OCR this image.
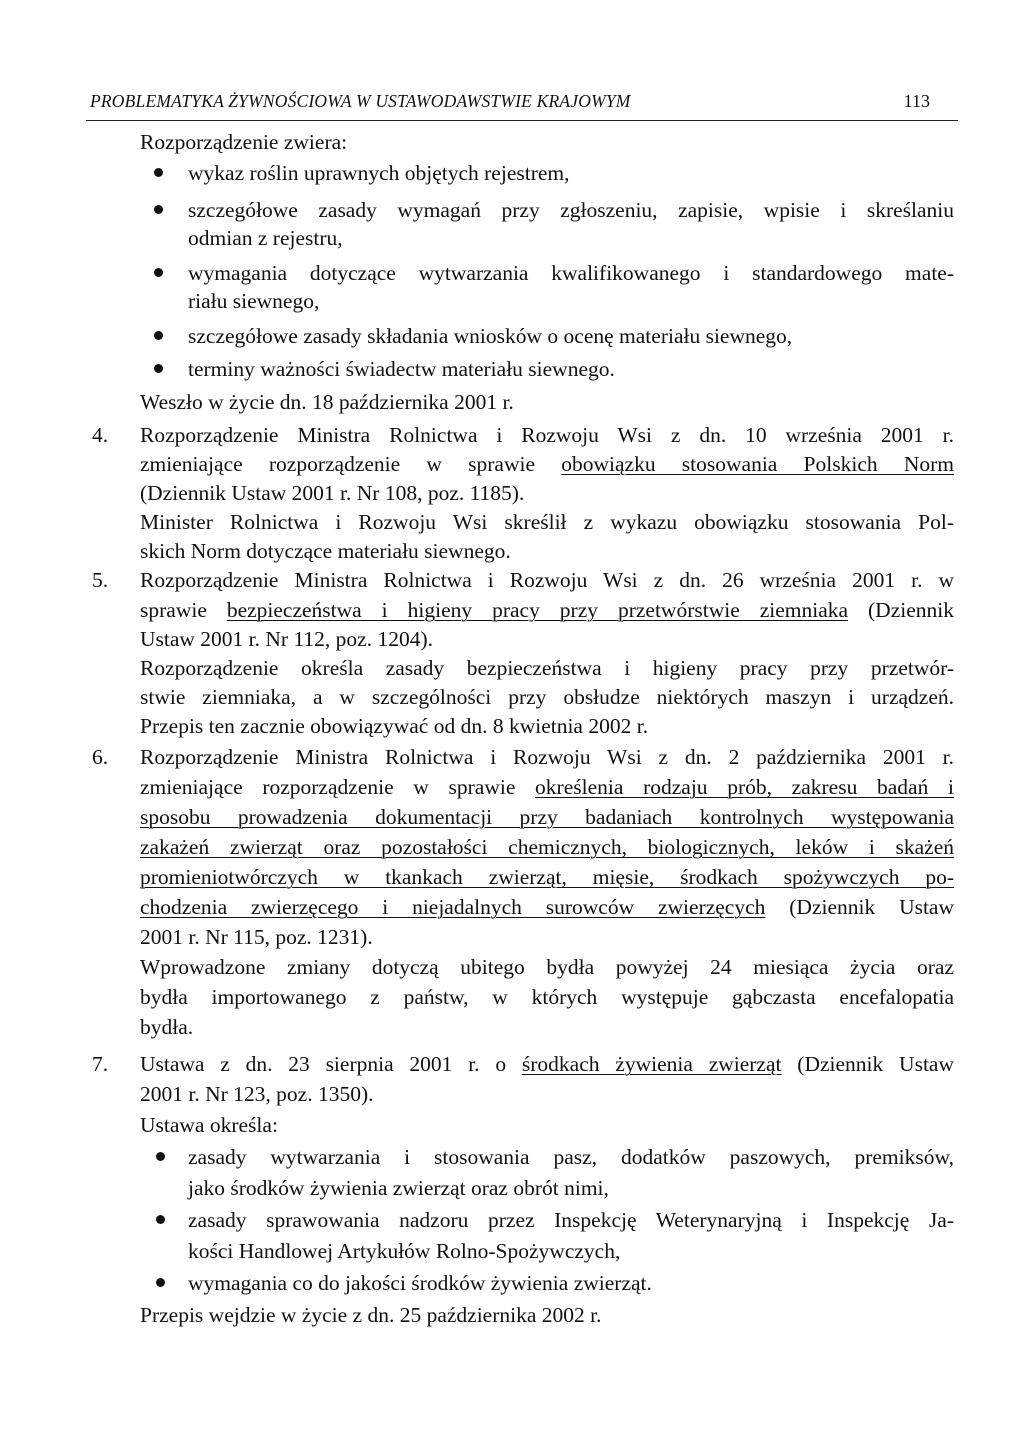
PROBLEMATYKA ŻYWNOŚCIOWA W USTAWODAWSTWIE KRAJOWYM	113
Rozporządzenie zwiera:
wykaz roślin uprawnych objętych rejestrem,
szczegółowe zasady wymagań przy zgłoszeniu, zapisie, wpisie i skreślaniu
odmian z rejestru,
wymagania dotyczące wytwarzania kwalifikowanego i standardowego mate-
riału siewnego,
szczegółowe zasady składania wniosków o ocenę materiału siewnego,
terminy ważności świadectw materiału siewnego.
Weszło w życie dn. 18 października 2001 r.
4. Rozporządzenie Ministra Rolnictwa i Rozwoju Wsi z dn. 10 września 2001 r.
zmieniające rozporządzenie w sprawie obowiązku stosowania Polskich Norm
(Dziennik Ustaw 2001 r. Nr 108, poz. 1185).
Minister Rolnictwa i Rozwoju Wsi skreślił z wykazu obowiązku stosowania Pol-
skich Norm dotyczące materiału siewnego.
5. Rozporządzenie Ministra Rolnictwa i Rozwoju Wsi z dn. 26 września 2001 r. w
sprawie bezpieczeństwa i higieny pracy przy przetwórstwie ziemniaka (Dziennik
Ustaw 2001 r. Nr 112, poz. 1204).
Rozporządzenie określa zasady bezpieczeństwa i higieny pracy przy przetwór-
stwie ziemniaka, a w szczególności przy obsłudze niektórych maszyn i urządzeń.
Przepis ten zacznie obowiązywać od dn. 8 kwietnia 2002 r.
6. Rozporządzenie Ministra Rolnictwa i Rozwoju Wsi z dn. 2 października 2001 r.
zmieniające rozporządzenie w sprawie określenia rodzaju prób, zakresu badań i
sposobu prowadzenia dokumentacji przy badaniach kontrolnych występowania
zakażeń zwierząt oraz pozostałości chemicznych, biologicznych, leków i skażeń
promieniotwórczych w tkankach zwierząt, mięsie, środkach spożywczych po-
chodzenia zwierzęcego i niejadalnych surowców zwierzęcych (Dziennik Ustaw
2001 r. Nr 115, poz. 1231).
Wprowadzone zmiany dotyczą ubitego bydła powyżej 24 miesiąca życia oraz
bydła importowanego z państw, w których występuje gąbczasta encefalopatia
bydła.
7. Ustawa z dn. 23 sierpnia 2001 r. o środkach żywienia zwierząt (Dziennik Ustaw
2001 r. Nr 123, poz. 1350).
Ustawa określa:
zasady wytwarzania i stosowania pasz, dodatków paszowych, premiksów,
jako środków żywienia zwierząt oraz obrót nimi,
zasady sprawowania nadzoru przez Inspekcję Weterynaryjną i Inspekcję Ja-
kości Handlowej Artykułów Rolno-Spożywczych,
wymagania co do jakości środków żywienia zwierząt.
Przepis wejdzie w życie z dn. 25 października 2002 r.
